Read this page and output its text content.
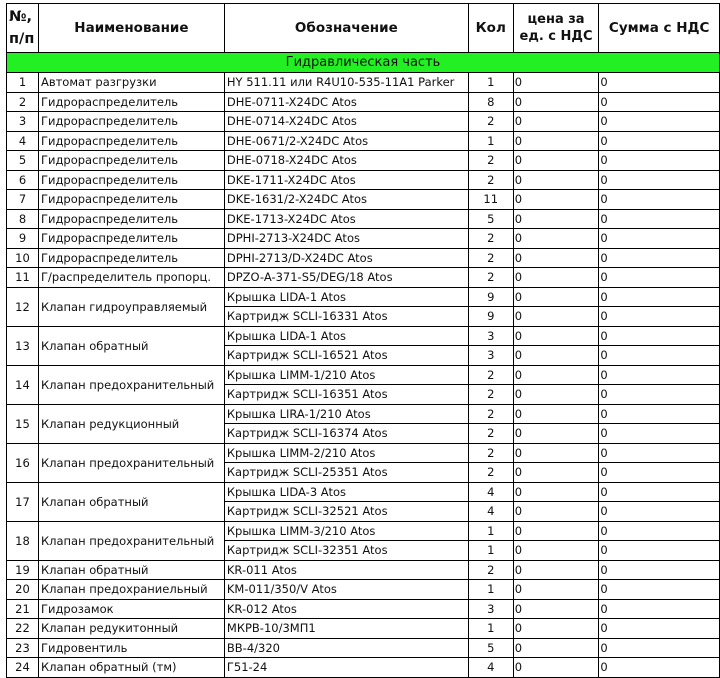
№, п/п	Наименование	Обозначение	Кол	цена за ед. с НДС	Сумма с НДС
Гидравлическая часть					
1	Автомат разгрузки	HY 511.11 или R4U10-535-11A1 Parker	1	0	0
2	Гидрораспределитель	DHE-0711-X24DC Atos	8	0	0
3	Гидрораспределитель	DHE-0714-X24DC Atos	2	0	0
4	Гидрораспределитель	DHE-0671/2-X24DC Atos	1	0	0
5	Гидрораспределитель	DHE-0718-X24DC Atos	2	0	0
6	Гидрораспределитель	DKE-1711-X24DC Atos	2	0	0
7	Гидрораспределитель	DKE-1631/2-X24DC Atos	11	0	0
8	Гидрораспределитель	DKE-1713-X24DC Atos	5	0	0
9	Гидрораспределитель	DPHI-2713-X24DC Atos	2	0	0
10	Гидрораспределитель	DPHI-2713/D-X24DC Atos	2	0	0
11	Г/распределитель пропорц.	DPZO-A-371-S5/DEG/18 Atos	2	0	0
12	Клапан гидроуправляемый	Крышка LIDA-1 Atos	9	0	0
		Картридж SCLI-16331 Atos	9	0	0
13	Клапан обратный	Крышка LIDA-1 Atos	3	0	0
		Картридж SCLI-16521 Atos	3	0	0
14	Клапан предохранительный	Крышка LIMM-1/210 Atos	2	0	0
		Картридж SCLI-16351 Atos	2	0	0
15	Клапан редукционный	Крышка LIRA-1/210 Atos	2	0	0
		Картридж SCLI-16374 Atos	2	0	0
16	Клапан предохранительный	Крышка LIMM-2/210 Atos	2	0	0
		Картридж SCLI-25351 Atos	2	0	0
17	Клапан обратный	Крышка LIDA-3 Atos	4	0	0
		Картридж SCLI-32521 Atos	4	0	0
18	Клапан предохранительный	Крышка LIMM-3/210 Atos	1	0	0
		Картридж SCLI-32351 Atos	1	0	0
19	Клапан обратный	KR-011 Atos	2	0	0
20	Клапан предохраниельный	KM-011/350/V Atos	1	0	0
21	Гидрозамок	KR-012 Atos	3	0	0
22	Клапан редукитонный	МКРВ-10/3МП1	1	0	0
23	Гидровентиль	ВВ-4/320	5	0	0
24	Клапан обратный (тм)	Г51-24	4	0	0
